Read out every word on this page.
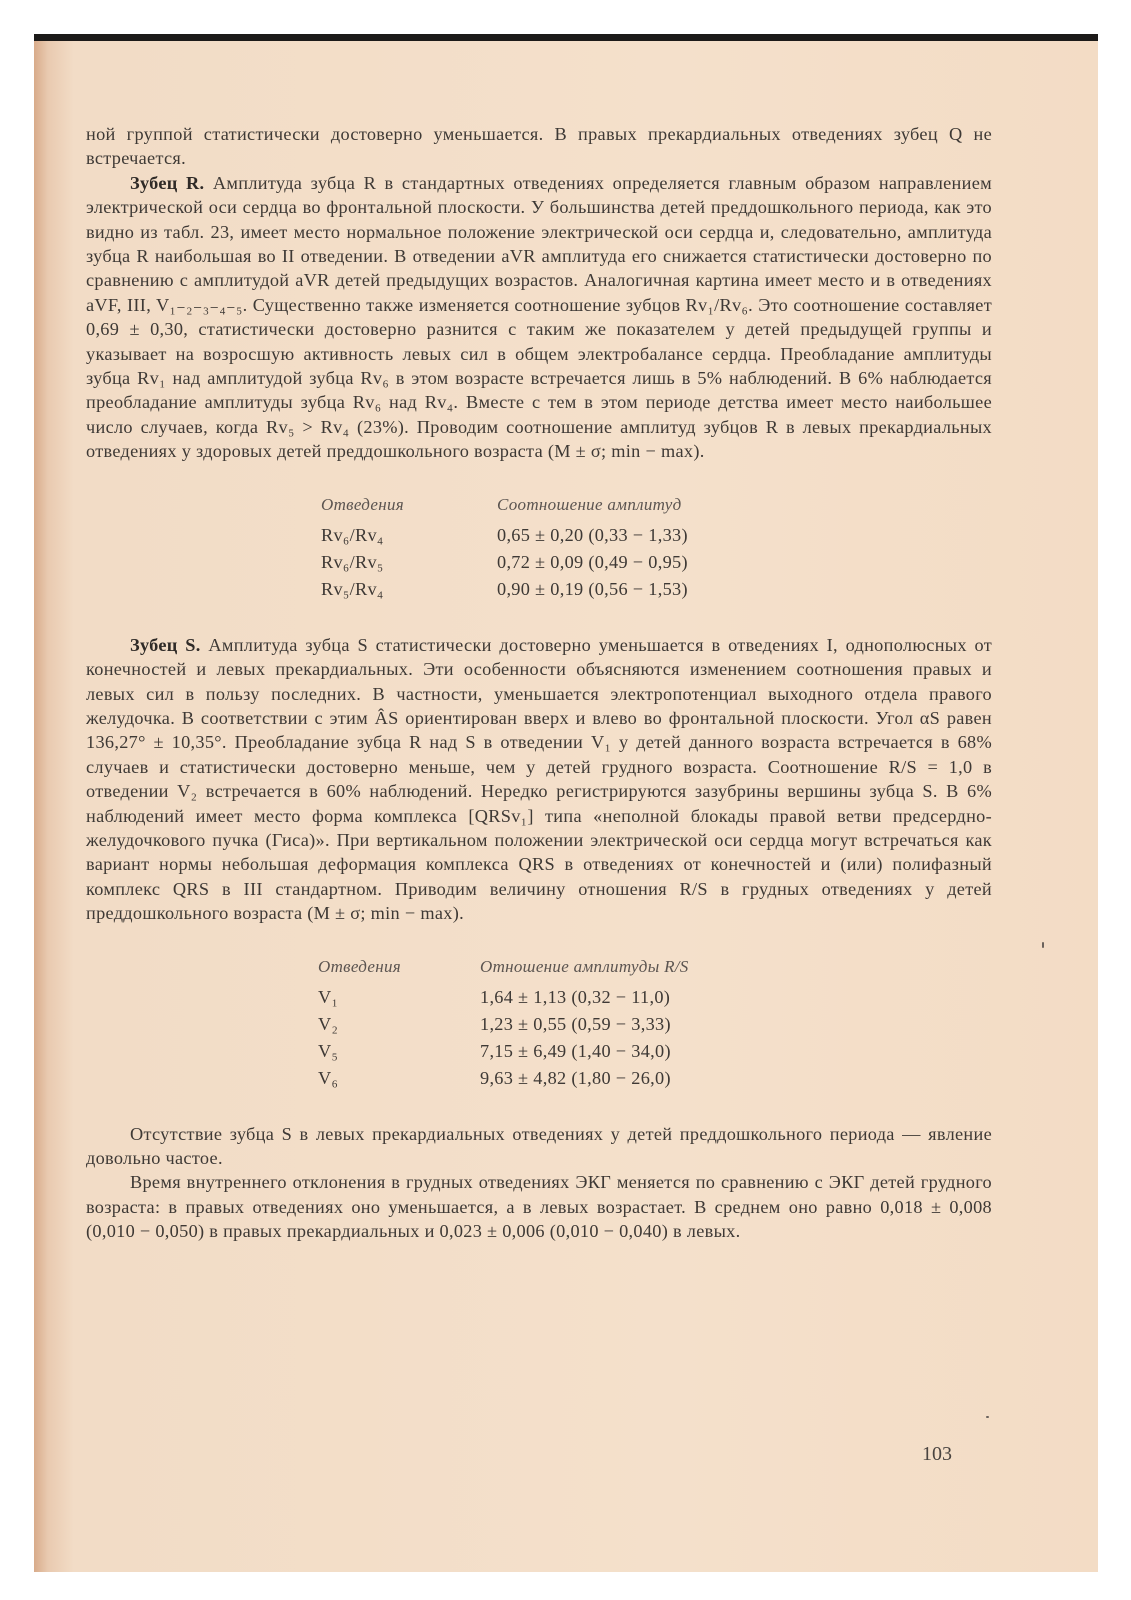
ной группой статистически достоверно уменьшается. В правых прекардиальных отведениях зубец Q не встречается.

Зубец R. Амплитуда зубца R в стандартных отведениях определяется главным образом направлением электрической оси сердца во фронтальной плоскости. У большинства детей преддошкольного периода, как это видно из табл. 23, имеет место нормальное положение электрической оси сердца и, следовательно, амплитуда зубца R наибольшая во II отведении. В отведении aVR амплитуда его снижается статистически достоверно по сравнению с амплитудой aVR детей предыдущих возрастов. Аналогичная картина имеет место и в отведениях aVF, III, V₁₋₂₋₃₋₄₋₅. Существенно также изменяется соотношение зубцов Rv₁/Rv₆. Это соотношение составляет 0,69 ± 0,30, статистически достоверно разнится с таким же показателем у детей предыдущей группы и указывает на возросшую активность левых сил в общем электробалансе сердца. Преобладание амплитуды зубца Rv₁ над амплитудой зубца Rv₆ в этом возрасте встречается лишь в 5% наблюдений. В 6% наблюдается преобладание амплитуды зубца Rv₆ над Rv₄. Вместе с тем в этом периоде детства имеет место наибольшее число случаев, когда Rv₅ > Rv₄ (23%). Проводим соотношение амплитуд зубцов R в левых прекардиальных отведениях у здоровых детей преддошкольного возраста (M ± σ; min − max).

Отведения	Соотношение амплитуд
Rv₆/Rv₄	0,65 ± 0,20 (0,33 − 1,33)
Rv₆/Rv₅	0,72 ± 0,09 (0,49 − 0,95)
Rv₅/Rv₄	0,90 ± 0,19 (0,56 − 1,53)

Зубец S. Амплитуда зубца S статистически достоверно уменьшается в отведениях I, однополюсных от конечностей и левых прекардиальных. Эти особенности объясняются изменением соотношения правых и левых сил в пользу последних. В частности, уменьшается электропотенциал выходного отдела правого желудочка. В соответствии с этим ÂS ориентирован вверх и влево во фронтальной плоскости. Угол αS равен 136,27° ± 10,35°. Преобладание зубца R над S в отведении V₁ у детей данного возраста встречается в 68% случаев и статистически достоверно меньше, чем у детей грудного возраста. Соотношение R/S = 1,0 в отведении V₂ встречается в 60% наблюдений. Нередко регистрируются зазубрины вершины зубца S. В 6% наблюдений имеет место форма комплекса [QRSv₁] типа «неполной блокады правой ветви предсердно-желудочкового пучка (Гиса)». При вертикальном положении электрической оси сердца могут встречаться как вариант нормы небольшая деформация комплекса QRS в отведениях от конечностей и (или) полифазный комплекс QRS в III стандартном. Приводим величину отношения R/S в грудных отведениях у детей преддошкольного возраста (M ± σ; min − max).

Отведения	Отношение амплитуды R/S
V₁	1,64 ± 1,13 (0,32 − 11,0)
V₂	1,23 ± 0,55 (0,59 − 3,33)
V₅	7,15 ± 6,49 (1,40 − 34,0)
V₆	9,63 ± 4,82 (1,80 − 26,0)

Отсутствие зубца S в левых прекардиальных отведениях у детей преддошкольного периода — явление довольно частое.

Время внутреннего отклонения в грудных отведениях ЭКГ меняется по сравнению с ЭКГ детей грудного возраста: в правых отведениях оно уменьшается, а в левых возрастает. В среднем оно равно 0,018 ± 0,008 (0,010 − 0,050) в правых прекардиальных и 0,023 ± 0,006 (0,010 − 0,040) в левых.

103
